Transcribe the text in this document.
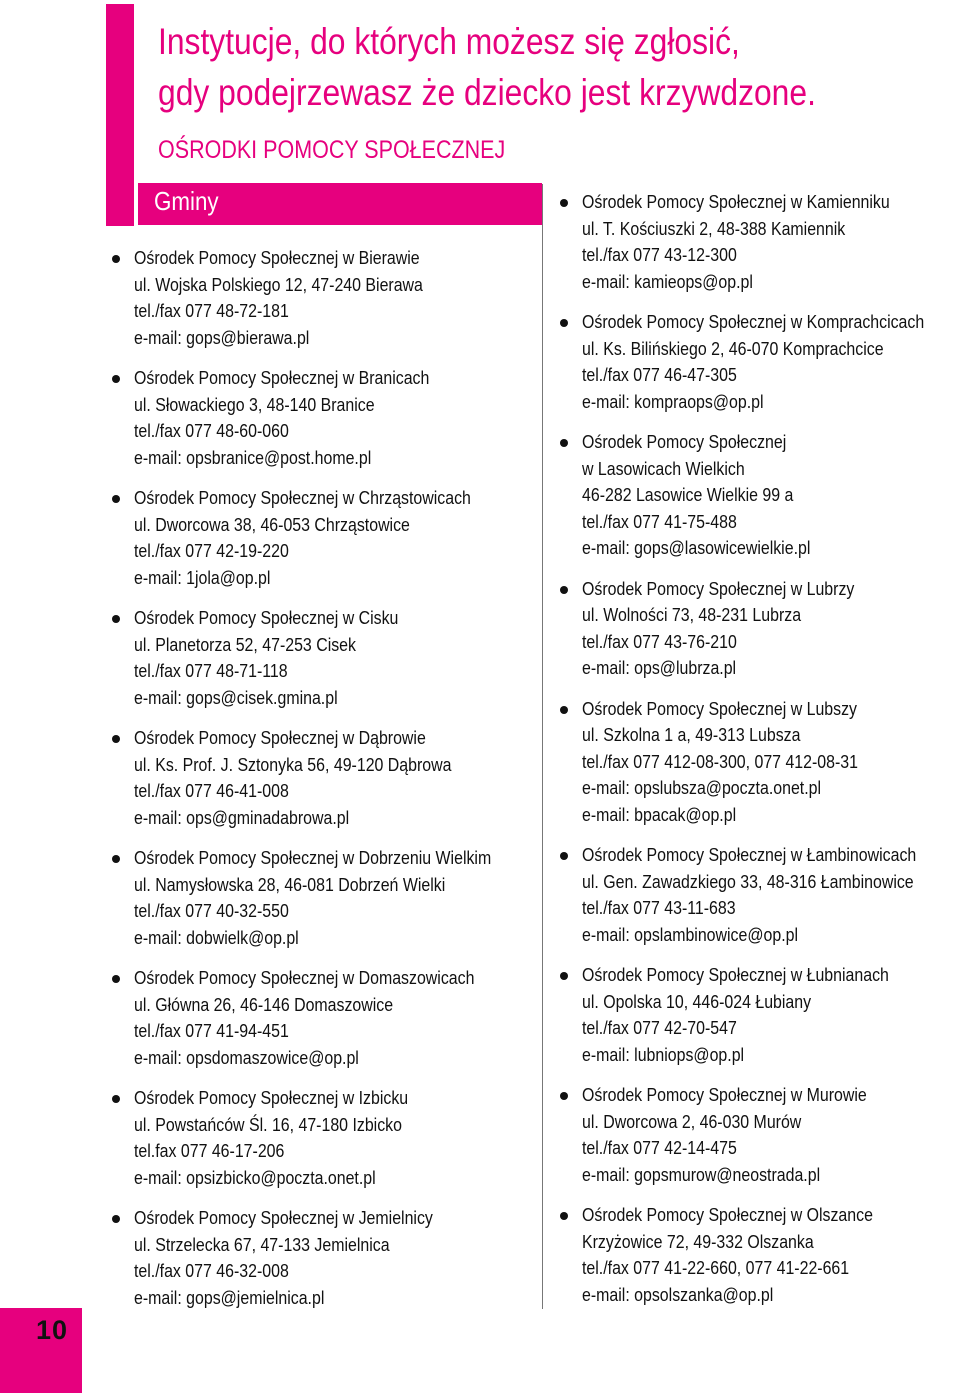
10
Instytucje, do których możesz się zgłosić,
gdy podejrzewasz że dziecko jest krzywdzone.
OŚRODKI POMOCY SPOŁECZNEJ
Gminy
Ośrodek Pomocy Społecznej w Bierawie
ul. Wojska Polskiego 12, 47-240 Bierawa
tel./fax 077 48-72-181
e-mail: gops@bierawa.pl
Ośrodek Pomocy Społecznej w Branicach
ul. Słowackiego 3, 48-140 Branice
tel./fax 077 48-60-060
e-mail: opsbranice@post.home.pl
Ośrodek Pomocy Społecznej w Chrząstowicach
ul. Dworcowa 38, 46-053 Chrząstowice
tel./fax 077 42-19-220
e-mail: 1jola@op.pl
Ośrodek Pomocy Społecznej w Cisku
ul. Planetorza 52, 47-253 Cisek
tel./fax 077 48-71-118
e-mail: gops@cisek.gmina.pl
Ośrodek Pomocy Społecznej w Dąbrowie
ul. Ks. Prof. J. Sztonyka 56, 49-120 Dąbrowa
tel./fax 077 46-41-008
e-mail: ops@gminadabrowa.pl
Ośrodek Pomocy Społecznej w Dobrzeniu Wielkim
ul. Namysłowska 28, 46-081 Dobrzeń Wielki
tel./fax 077 40-32-550
e-mail: dobwielk@op.pl
Ośrodek Pomocy Społecznej w Domaszowicach
ul. Główna 26, 46-146 Domaszowice
tel./fax 077 41-94-451
e-mail: opsdomaszowice@op.pl
Ośrodek Pomocy Społecznej w Izbicku
ul. Powstańców Śl. 16, 47-180 Izbicko
tel.fax 077 46-17-206
e-mail: opsizbicko@poczta.onet.pl
Ośrodek Pomocy Społecznej w Jemielnicy
ul. Strzelecka 67, 47-133 Jemielnica
tel./fax 077 46-32-008
e-mail: gops@jemielnica.pl
Ośrodek Pomocy Społecznej w Kamienniku
ul. T. Kościuszki 2, 48-388 Kamiennik
tel./fax 077 43-12-300
e-mail: kamieops@op.pl
Ośrodek Pomocy Społecznej w Komprachcicach
ul. Ks. Bilińskiego 2, 46-070 Komprachcice
tel./fax 077 46-47-305
e-mail: kompraops@op.pl
Ośrodek Pomocy Społecznej
w Lasowicach Wielkich
46-282 Lasowice Wielkie 99 a
tel./fax 077 41-75-488
e-mail: gops@lasowicewielkie.pl
Ośrodek Pomocy Społecznej w Lubrzy
ul. Wolności 73, 48-231 Lubrza
tel./fax 077 43-76-210
e-mail: ops@lubrza.pl
Ośrodek Pomocy Społecznej w Lubszy
ul. Szkolna 1 a, 49-313 Lubsza
tel./fax 077 412-08-300, 077 412-08-31
e-mail: opslubsza@poczta.onet.pl
e-mail: bpacak@op.pl
Ośrodek Pomocy Społecznej w Łambinowicach
ul. Gen. Zawadzkiego 33, 48-316 Łambinowice
tel./fax 077 43-11-683
e-mail: opslambinowice@op.pl
Ośrodek Pomocy Społecznej w Łubnianach
ul. Opolska 10, 446-024 Łubiany
tel./fax 077 42-70-547
e-mail: lubniops@op.pl
Ośrodek Pomocy Społecznej w Murowie
ul. Dworcowa 2, 46-030 Murów
tel./fax 077 42-14-475
e-mail: gopsmurow@neostrada.pl
Ośrodek Pomocy Społecznej w Olszance
Krzyżowice 72, 49-332 Olszanka
tel./fax 077 41-22-660, 077 41-22-661
e-mail: opsolszanka@op.pl
